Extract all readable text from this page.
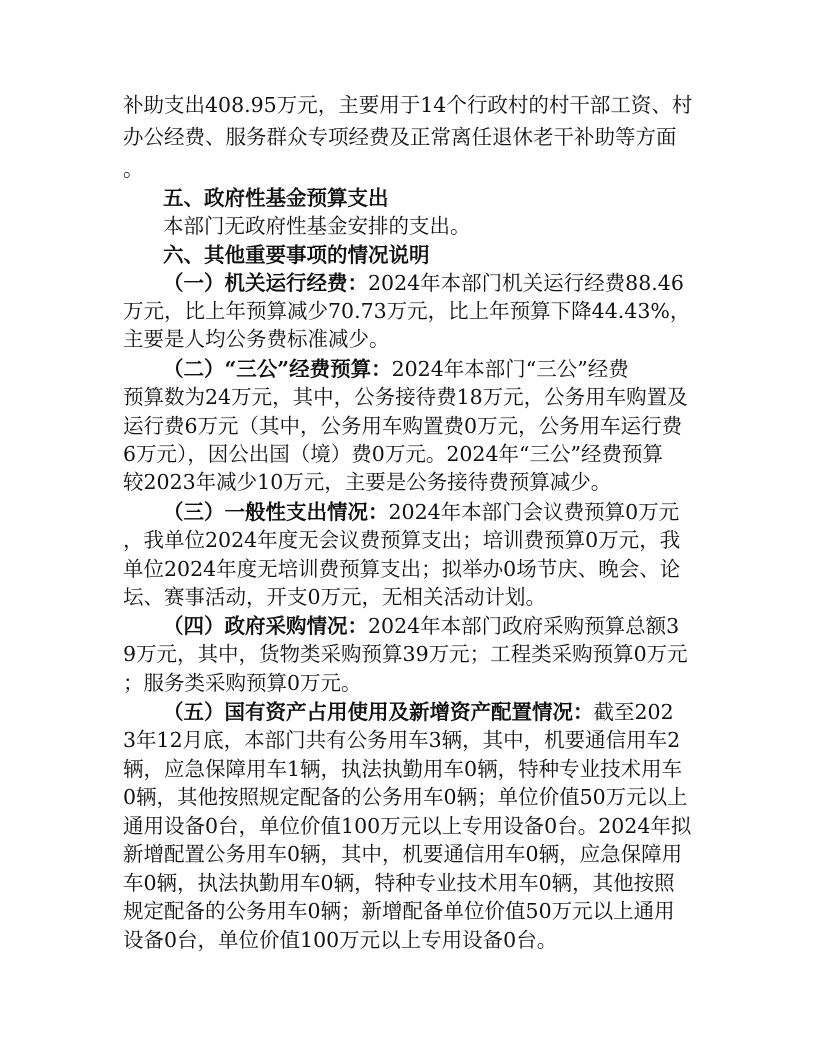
补助支出408.95万元，主要用于14个行政村的村干部工资、村
办公经费、服务群众专项经费及正常离任退休老干补助等方面
。
五、政府性基金预算支出
本部门无政府性基金安排的支出。
六、其他重要事项的情况说明
（一）机关运行经费：2024年本部门机关运行经费88.46
万元，比上年预算减少70.73万元，比上年预算下降44.43%，
主要是人均公务费标准减少。
（二）“三公”经费预算：2024年本部门“三公”经费
预算数为24万元，其中，公务接待费18万元，公务用车购置及
运行费6万元（其中，公务用车购置费0万元，公务用车运行费
6万元），因公出国（境）费0万元。2024年“三公”经费预算
较2023年减少10万元，主要是公务接待费预算减少。
（三）一般性支出情况：2024年本部门会议费预算0万元
，我单位2024年度无会议费预算支出；培训费预算0万元，我
单位2024年度无培训费预算支出；拟举办0场节庆、晚会、论
坛、赛事活动，开支0万元，无相关活动计划。
（四）政府采购情况：2024年本部门政府采购预算总额3
9万元，其中，货物类采购预算39万元；工程类采购预算0万元
；服务类采购预算0万元。
（五）国有资产占用使用及新增资产配置情况：截至202
3年12月底，本部门共有公务用车3辆，其中，机要通信用车2
辆，应急保障用车1辆，执法执勤用车0辆，特种专业技术用车
0辆，其他按照规定配备的公务用车0辆；单位价值50万元以上
通用设备0台，单位价值100万元以上专用设备0台。2024年拟
新增配置公务用车0辆，其中，机要通信用车0辆，应急保障用
车0辆，执法执勤用车0辆，特种专业技术用车0辆，其他按照
规定配备的公务用车0辆；新增配备单位价值50万元以上通用
设备0台，单位价值100万元以上专用设备0台。
